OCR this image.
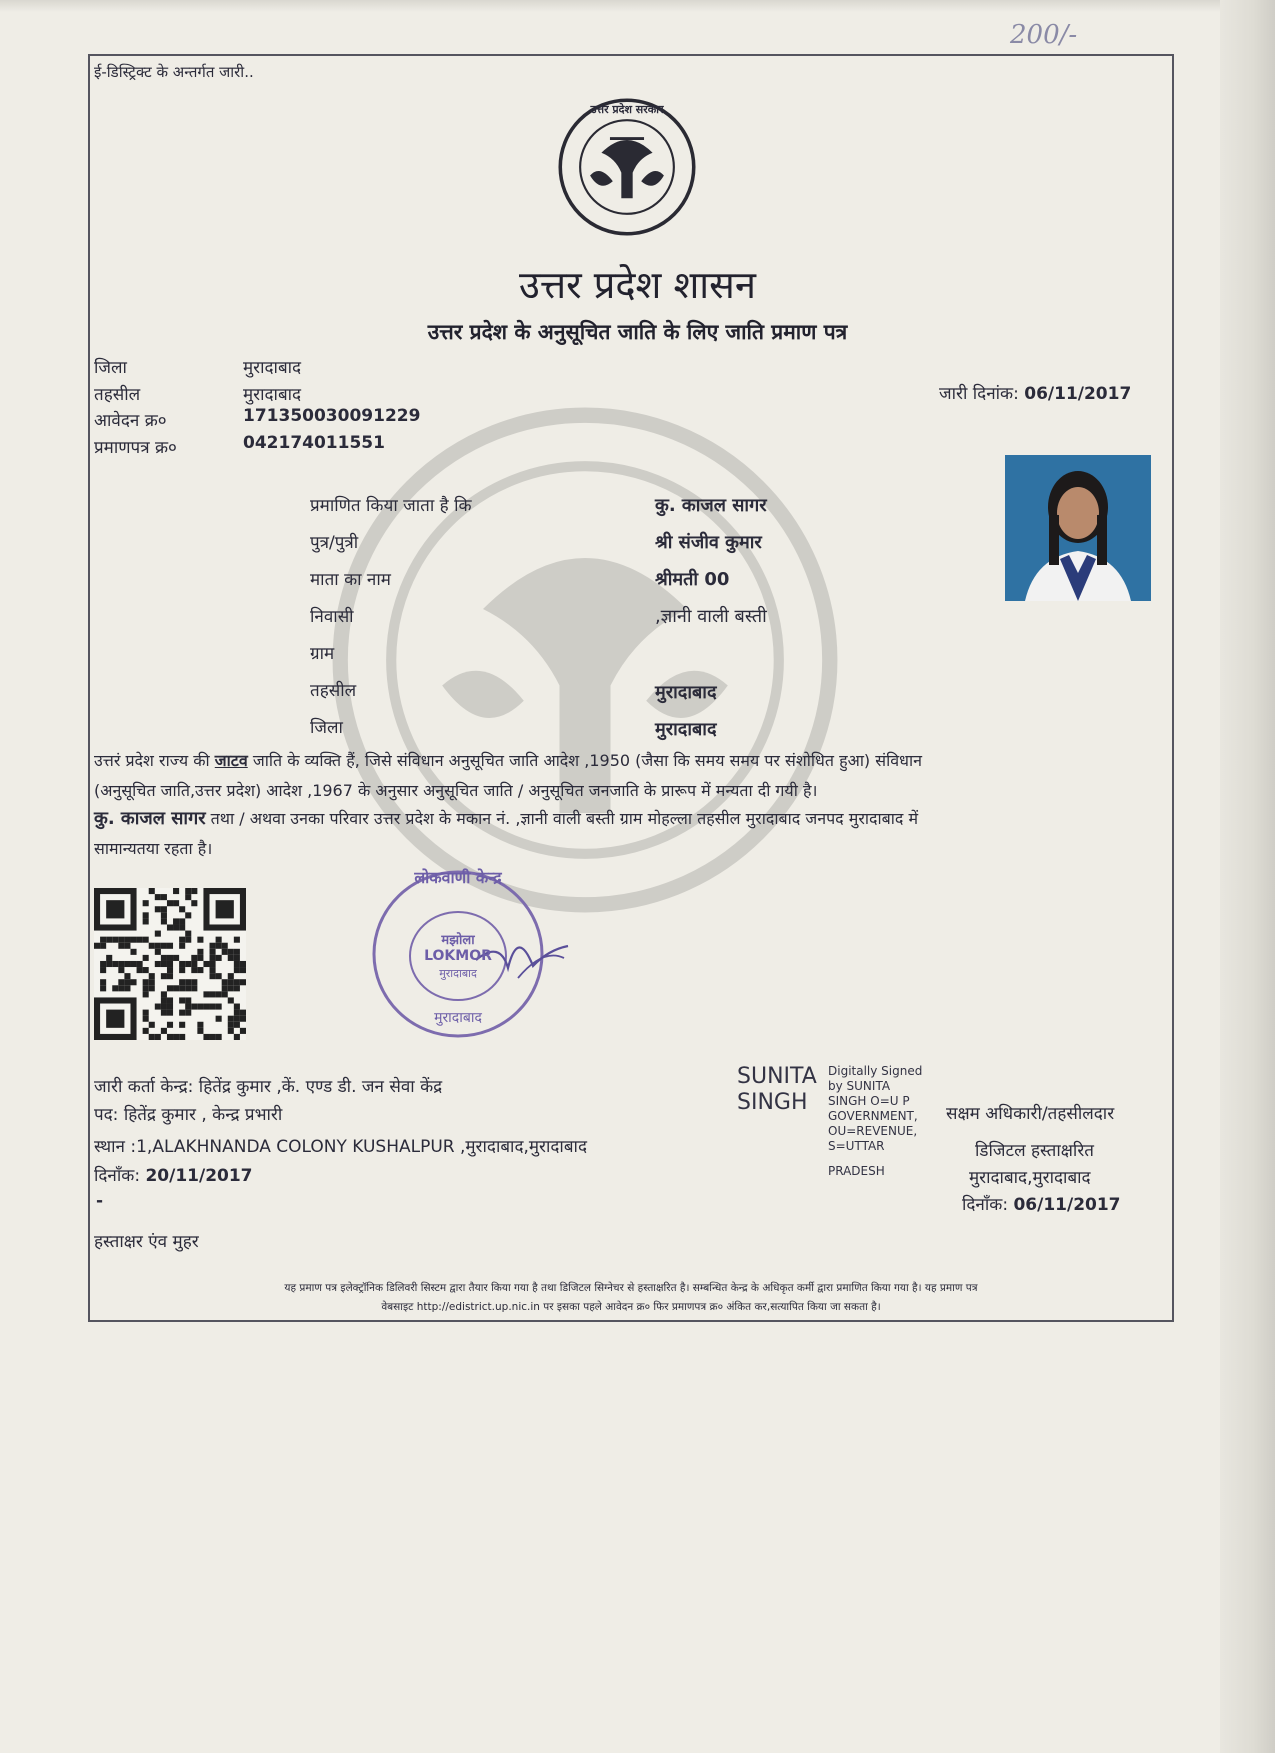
200/-
ई-डिस्ट्रिक्ट के अन्तर्गत जारी..
उत्तर प्रदेश सरकार
उत्तर प्रदेश शासन
उत्तर प्रदेश के अनुसूचित जाति के लिए जाति प्रमाण पत्र
जिला	मुरादाबाद
तहसील	मुरादाबाद
आवेदन क्र०	171350030091229
प्रमाणपत्र क्र०	042174011551
जारी दिनांक: 06/11/2017
प्रमाणित किया जाता है कि	कु. काजल सागर
पुत्र/पुत्री	श्री संजीव कुमार
माता का नाम	श्रीमती 00
निवासी	,ज्ञानी वाली बस्ती
ग्राम
तहसील	मुरादाबाद
जिला	मुरादाबाद
उत्तरं प्रदेश राज्य की जाटव जाति के व्यक्ति हैं, जिसे संविधान अनुसूचित जाति आदेश ,1950 (जैसा कि समय समय पर संशोधित हुआ) संविधान
(अनुसूचित जाति,उत्तर प्रदेश) आदेश ,1967 के अनुसार अनुसूचित जाति / अनुसूचित जनजाति के प्रारूप में मन्यता दी गयी है।
कु. काजल सागर तथा / अथवा उनका परिवार उत्तर प्रदेश के मकान नं. ,ज्ञानी वाली बस्ती ग्राम मोहल्ला तहसील मुरादाबाद जनपद मुरादाबाद में
सामान्यतया रहता है।
लोकवाणी केन्द्र
मझोला
LOKMOR
मुरादाबाद
मुरादाबाद
जारी कर्ता केन्द्र: हितेंद्र कुमार ,कें. एण्ड डी. जन सेवा केंद्र
पद: हितेंद्र कुमार , केन्द्र प्रभारी
स्थान :1,ALAKHNANDA COLONY KUSHALPUR ,मुरादाबाद,मुरादाबाद
दिनाँक: 20/11/2017
-
हस्ताक्षर एंव मुहर
SUNITA
SINGH
Digitally Signed
by SUNITA
SINGH O=U P
GOVERNMENT,
OU=REVENUE,
S=UTTAR
PRADESH
सक्षम अधिकारी/तहसीलदार
डिजिटल हस्ताक्षरित
मुरादाबाद,मुरादाबाद
दिनाँक: 06/11/2017
यह प्रमाण पत्र इलेक्ट्रॉनिक डिलिवरी सिस्टम द्वारा तैयार किया गया है तथा डिजिटल सिग्नेचर से हस्ताक्षरित है। सम्बन्धित केन्द्र के अधिकृत कर्मी द्वारा प्रमाणित किया गया है। यह प्रमाण पत्र
वेबसाइट http://edistrict.up.nic.in पर इसका पहले आवेदन क्र० फिर प्रमाणपत्र क्र० अंकित कर,सत्यापित किया जा सकता है।
